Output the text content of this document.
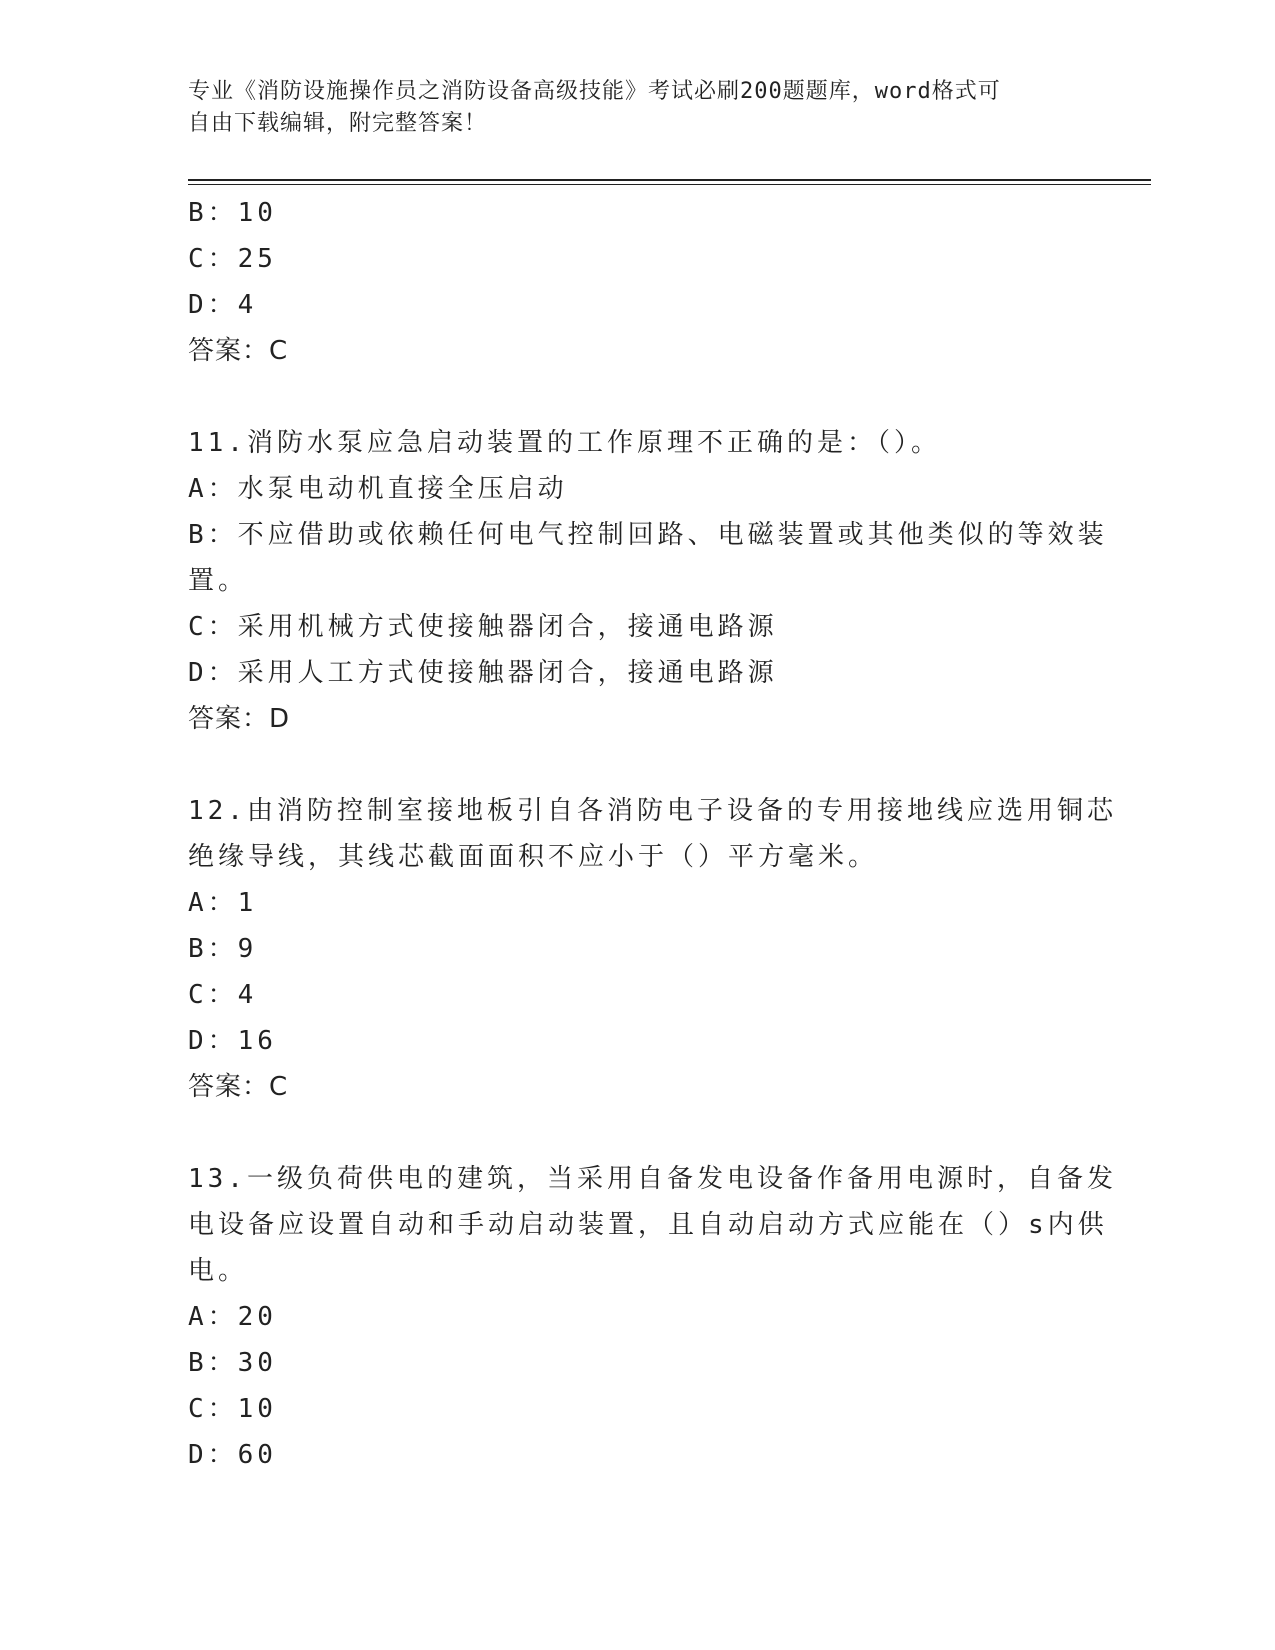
专业《消防设施操作员之消防设备高级技能》考试必刷200题题库，word格式可
自由下载编辑，附完整答案！
B：10
C：25
D：4
答案：C
11.消防水泵应急启动装置的工作原理不正确的是：（）。
A：水泵电动机直接全压启动
B：不应借助或依赖任何电气控制回路、电磁装置或其他类似的等效装
置。
C：采用机械方式使接触器闭合，接通电路源
D：采用人工方式使接触器闭合，接通电路源
答案：D
12.由消防控制室接地板引自各消防电子设备的专用接地线应选用铜芯
绝缘导线，其线芯截面面积不应小于（）平方毫米。
A：1
B：9
C：4
D：16
答案：C
13.一级负荷供电的建筑，当采用自备发电设备作备用电源时，自备发
电设备应设置自动和手动启动装置，且自动启动方式应能在（）s内供
电。
A：20
B：30
C：10
D：60
